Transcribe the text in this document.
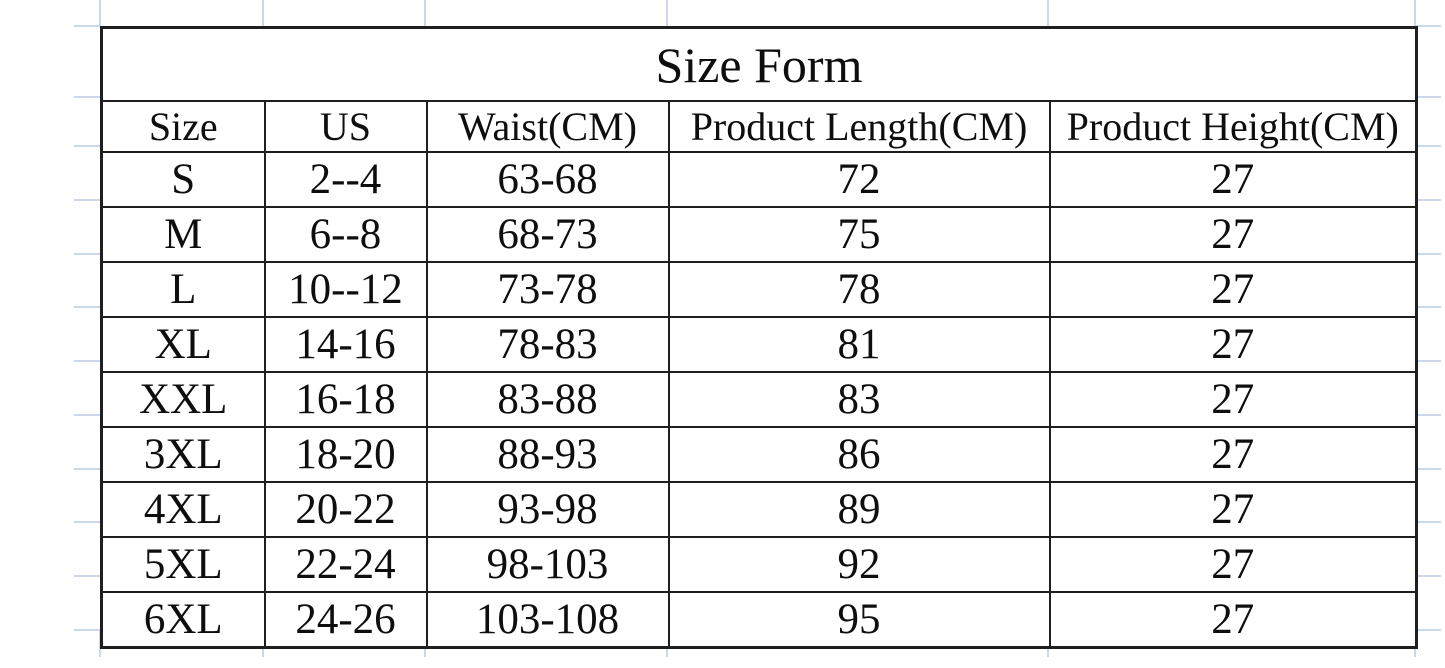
Size Form				
Size	US	Waist(CM)	Product Length(CM)	Product Height(CM)
S	2--4	63-68	72	27
M	6--8	68-73	75	27
L	10--12	73-78	78	27
XL	14-16	78-83	81	27
XXL	16-18	83-88	83	27
3XL	18-20	88-93	86	27
4XL	20-22	93-98	89	27
5XL	22-24	98-103	92	27
6XL	24-26	103-108	95	27
